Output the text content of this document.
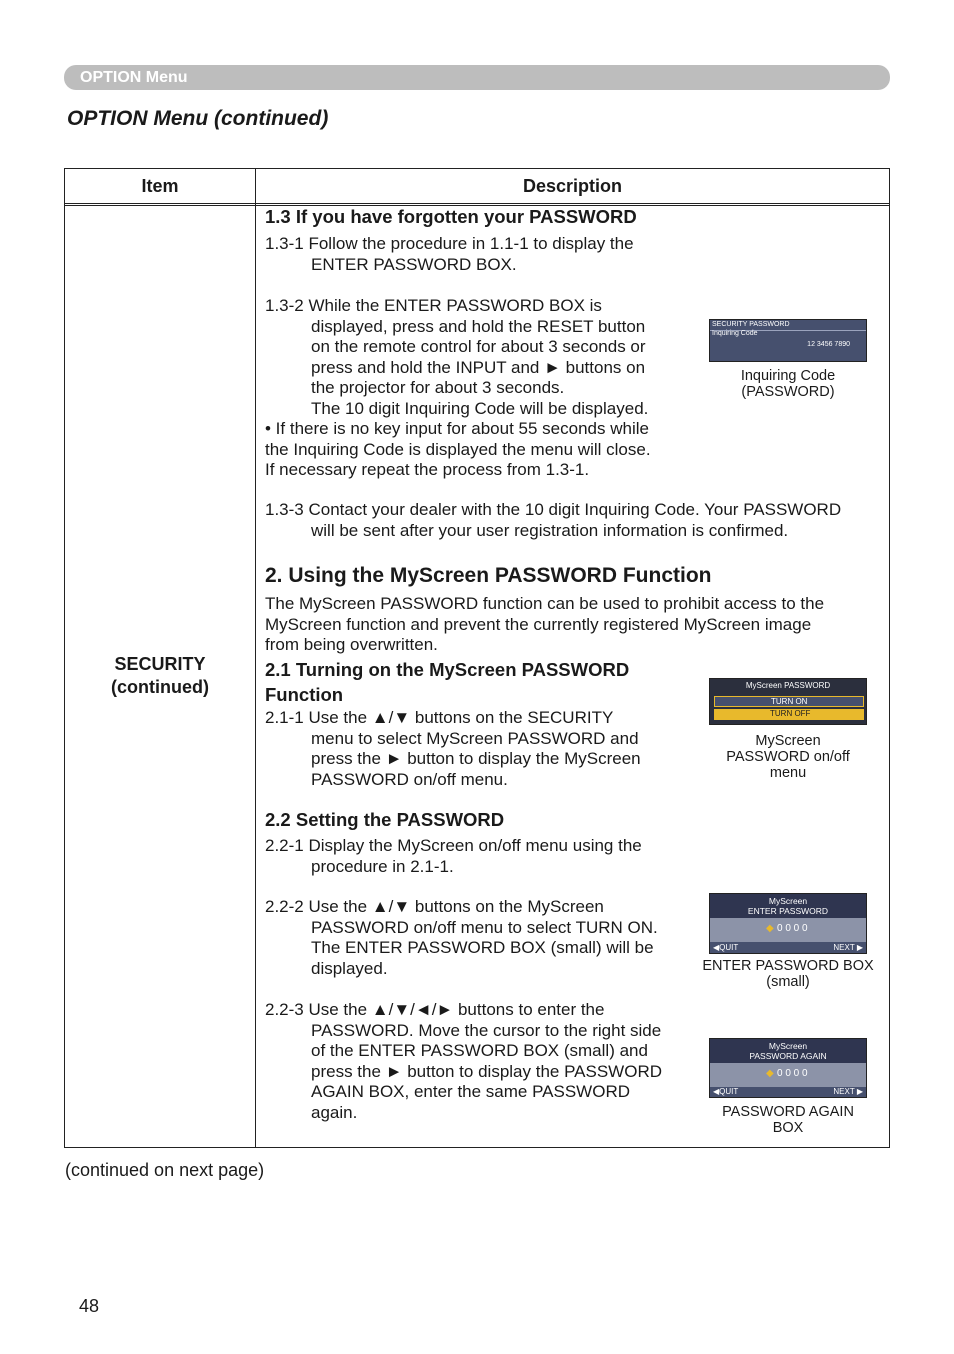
OPTION Menu
OPTION Menu (continued)
Item	Description
SECURITY
(continued)
1.3 If you have forgotten your PASSWORD
1.3-1 Follow the procedure in 1.1-1 to display the
ENTER PASSWORD BOX.
1.3-2 While the ENTER PASSWORD BOX is
displayed, press and hold the RESET button
on the remote control for about 3 seconds or
press and hold the INPUT and ► buttons on
the projector for about 3 seconds.
The 10 digit Inquiring Code will be displayed.
• If there is no key input for about 55 seconds while
the Inquiring Code is displayed the menu will close.
If necessary repeat the process from 1.3-1.
1.3-3 Contact your dealer with the 10 digit Inquiring Code. Your PASSWORD
will be sent after your user registration information is confirmed.
SECURITY PASSWORD
Inquiring Code
12 3456 7890
Inquiring Code
(PASSWORD)
2. Using the MyScreen PASSWORD Function
The MyScreen PASSWORD function can be used to prohibit access to the
MyScreen function and prevent the currently registered MyScreen image
from being overwritten.
2.1 Turning on the MyScreen PASSWORD
Function
2.1-1 Use the ▲/▼ buttons on the SECURITY
menu to select MyScreen PASSWORD and
press the ► button to display the MyScreen
PASSWORD on/off menu.
MyScreen PASSWORD
TURN ON
TURN OFF
MyScreen
PASSWORD on/off
menu
2.2 Setting the PASSWORD
2.2-1 Display the MyScreen on/off menu using the
procedure in 2.1-1.
2.2-2 Use the ▲/▼ buttons on the MyScreen
PASSWORD on/off menu to select TURN ON.
The ENTER PASSWORD BOX (small) will be
displayed.
2.2-3 Use the ▲/▼/◄/► buttons to enter the
PASSWORD. Move the cursor to the right side
of the ENTER PASSWORD BOX (small) and
press the ► button to display the PASSWORD
AGAIN BOX, enter the same PASSWORD
again.
MyScreen
ENTER PASSWORD
◆ 0 0 0 0
◀QUIT	NEXT ▶
ENTER PASSWORD BOX
(small)
MyScreen
PASSWORD AGAIN
◆ 0 0 0 0
◀QUIT	NEXT ▶
PASSWORD AGAIN
BOX
(continued on next page)
48
